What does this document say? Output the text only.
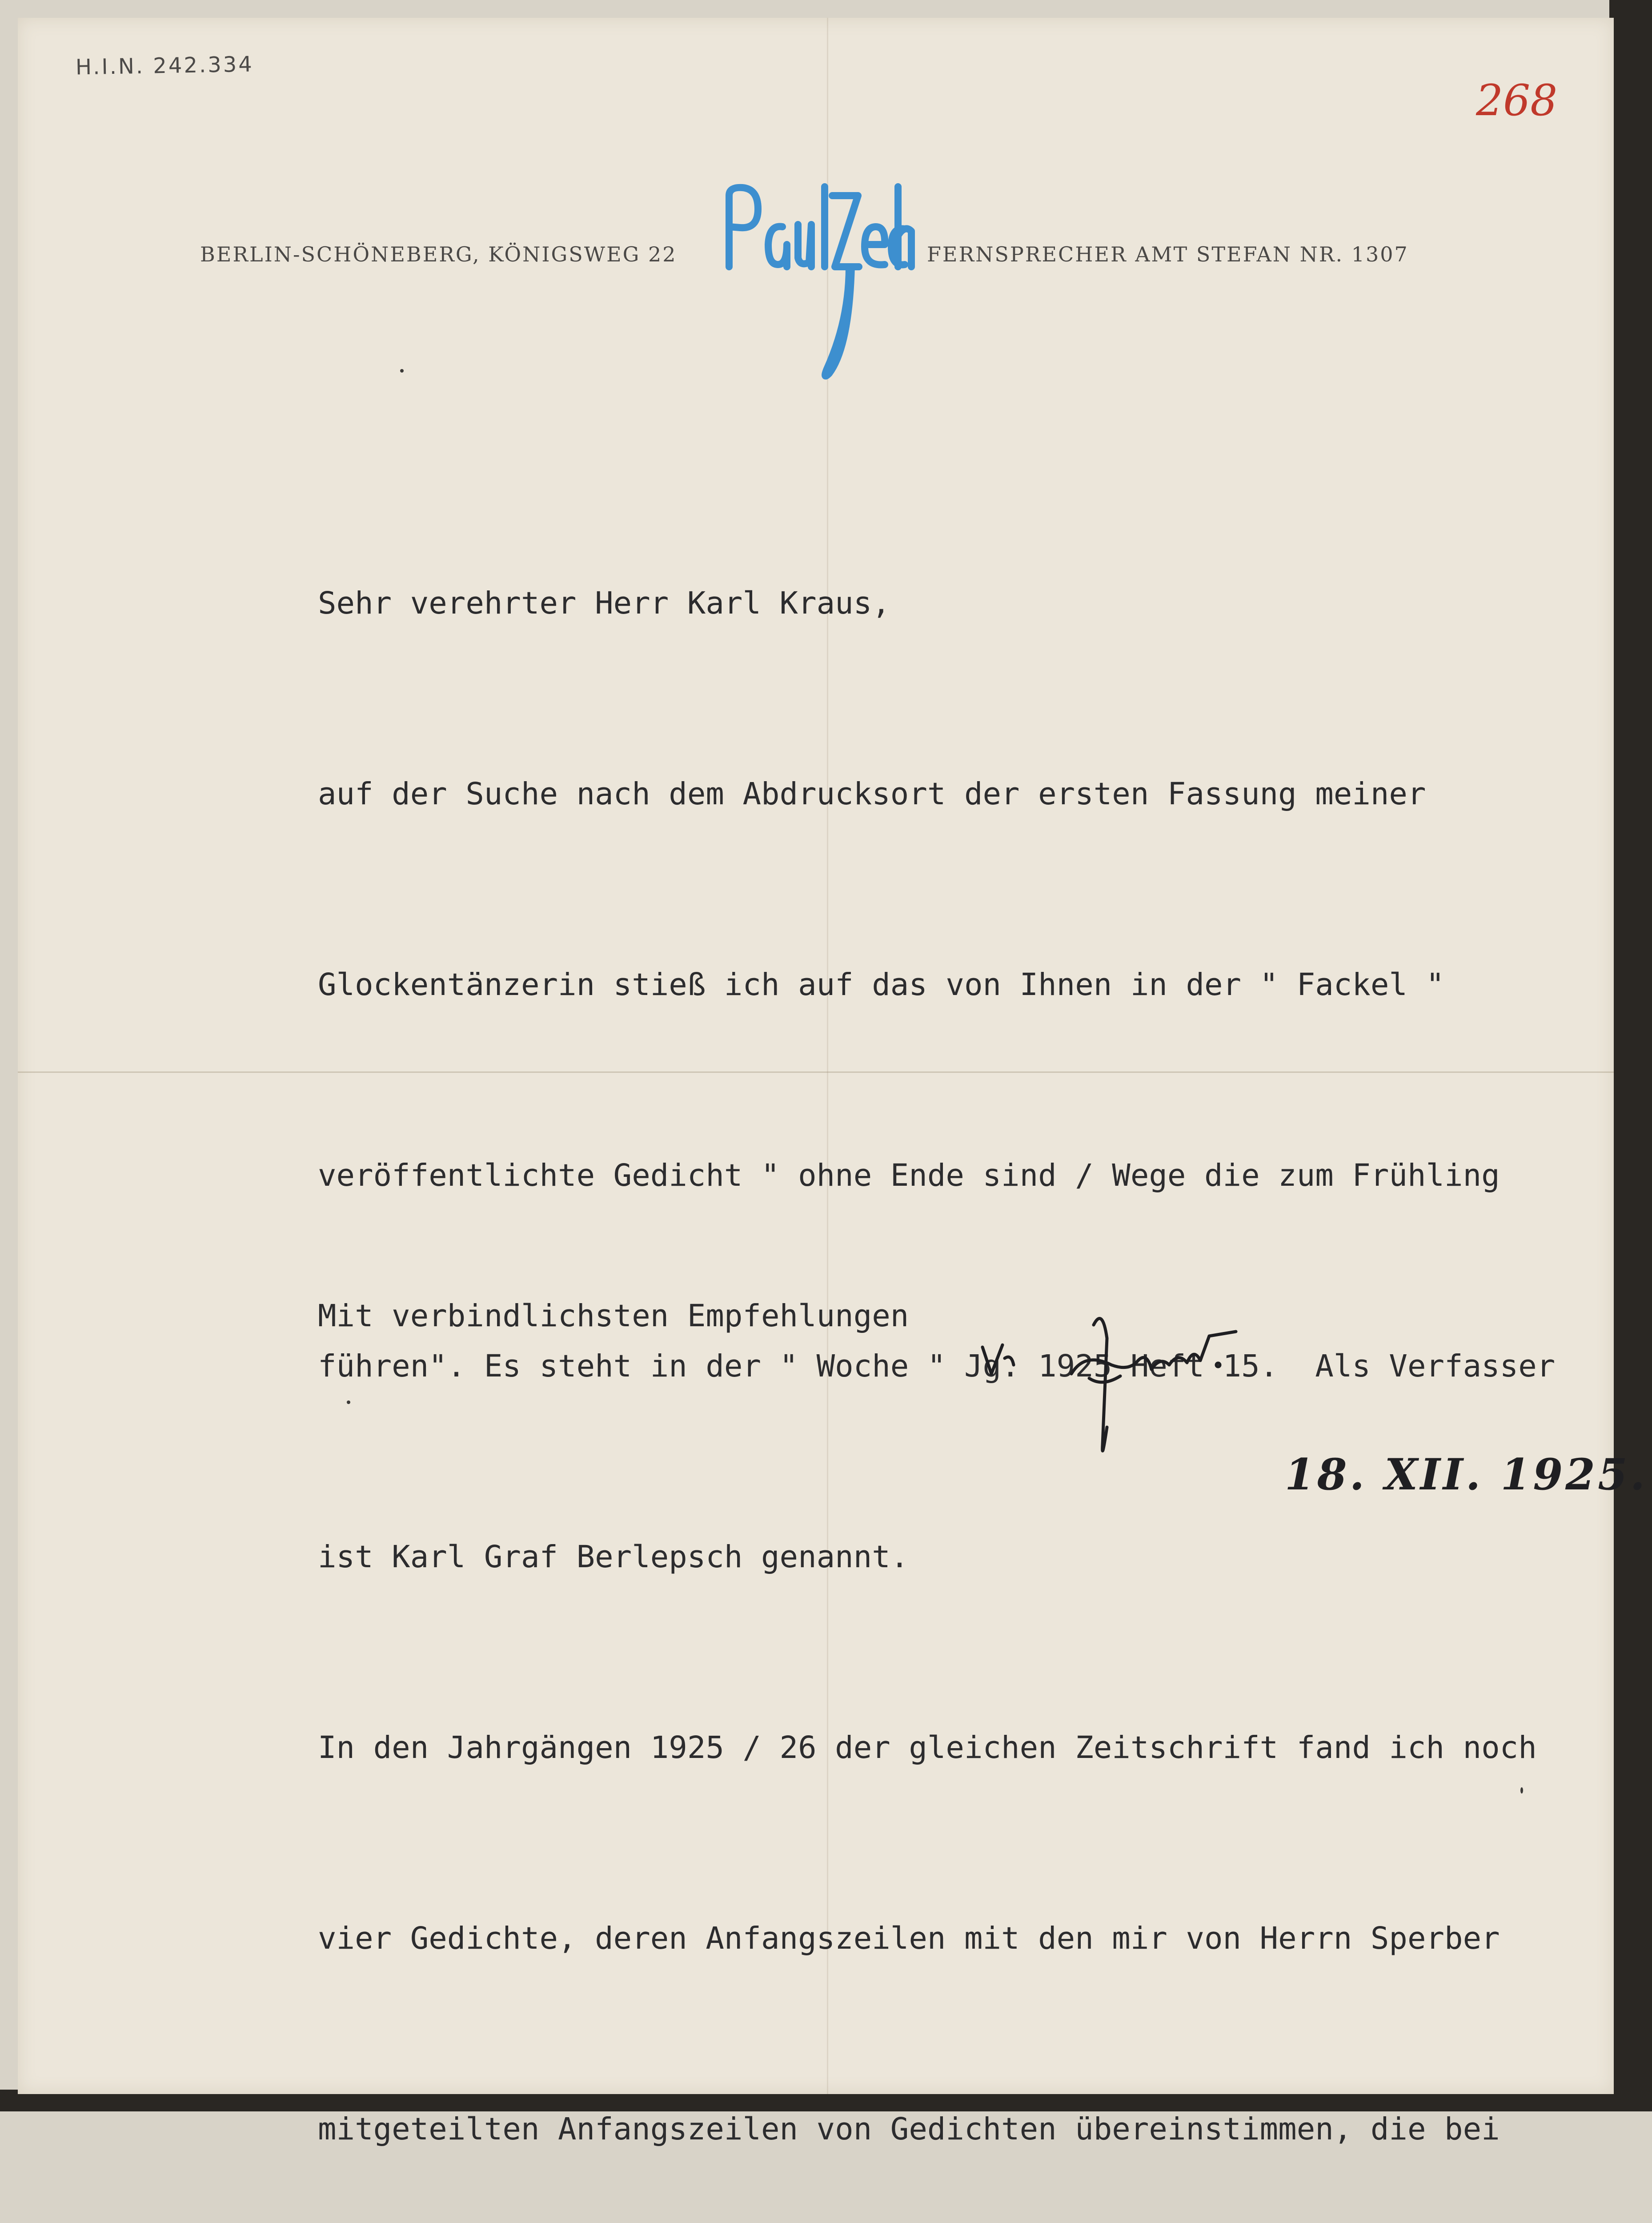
H.I.N. 242.334
268
BERLIN-SCHÖNEBERG, KÖNIGSWEG 22	FERNSPRECHER AMT STEFAN NR. 1307

Sehr verehrter Herr Karl Kraus,

auf der Suche nach dem Abdrucksort der ersten Fassung meiner

Glockentänzerin stieß ich auf das von Ihnen in der " Fackel "

veröffentlichte Gedicht " ohne Ende sind / Wege die zum Frühling

führen". Es steht in der " Woche " Jg. 1925 Heft 15.  Als Verfasser

ist Karl Graf Berlepsch genannt.

In den Jahrgängen 1925 / 26 der gleichen Zeitschrift fand ich noch

vier Gedichte, deren Anfangszeilen mit den mir von Herrn Sperber

mitgeteilten Anfangszeilen von Gedichten übereinstimmen, die bei

Mit verbindlichsten Empfehlungen
18. XII. 1925.
